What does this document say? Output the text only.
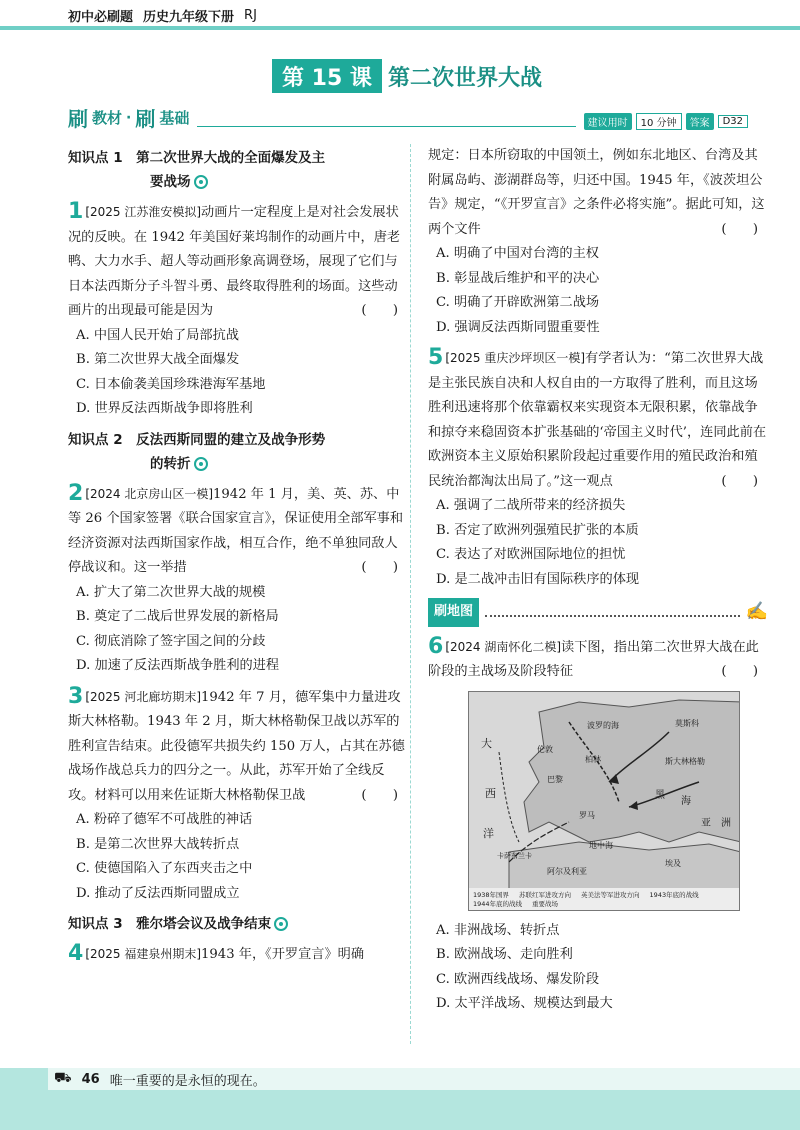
初中必刷题 历史九年级下册 RJ
第 15 课 第二次世界大战
刷 教材 · 刷 基础	建议用时	10 分钟	答案	D32
知识点 1　第二次世界大战的全面爆发及主
要战场
1 [2025 江苏淮安模拟]动画片一定程度上是对社会发展状况的反映。在 1942 年美国好莱坞制作的动画片中，唐老鸭、大力水手、超人等动画形象高调登场，展现了它们与日本法西斯分子斗智斗勇、最终取得胜利的场面。这些动画片的出现最可能是因为	(　　)
A. 中国人民开始了局部抗战
B. 第二次世界大战全面爆发
C. 日本偷袭美国珍珠港海军基地
D. 世界反法西斯战争即将胜利
知识点 2　反法西斯同盟的建立及战争形势
的转折
2 [2024 北京房山区一模]1942 年 1 月，美、英、苏、中等 26 个国家签署《联合国家宣言》，保证使用全部军事和经济资源对法西斯国家作战，相互合作，绝不单独同敌人停战议和。这一举措	(　　)
A. 扩大了第二次世界大战的规模
B. 奠定了二战后世界发展的新格局
C. 彻底消除了签字国之间的分歧
D. 加速了反法西斯战争胜利的进程
3 [2025 河北廊坊期末]1942 年 7 月，德军集中力量进攻斯大林格勒。1943 年 2 月，斯大林格勒保卫战以苏军的胜利宣告结束。此役德军共损失约 150 万人，占其在苏德战场作战总兵力的四分之一。从此，苏军开始了全线反攻。材料可以用来佐证斯大林格勒保卫战	(　　)
A. 粉碎了德军不可战胜的神话
B. 是第二次世界大战转折点
C. 使德国陷入了东西夹击之中
D. 推动了反法西斯同盟成立
知识点 3　雅尔塔会议及战争结束
4 [2025 福建泉州期末]1943 年，《开罗宣言》明确
规定：日本所窃取的中国领土，例如东北地区、台湾及其附属岛屿、澎湖群岛等，归还中国。1945 年，《波茨坦公告》规定，“《开罗宣言》之条件必将实施”。据此可知，这两个文件	(　　)
A. 明确了中国对台湾的主权
B. 彰显战后维护和平的决心
C. 明确了开辟欧洲第二战场
D. 强调反法西斯同盟重要性
5 [2025 重庆沙坪坝区一模]有学者认为：“第二次世界大战是主张民族自决和人权自由的一方取得了胜利，而且这场胜利迅速将那个依靠霸权来实现资本无限积累，依靠战争和掠夺来稳固资本扩张基础的‘帝国主义时代’，连同此前在欧洲资本主义原始积累阶段起过重要作用的殖民政治和殖民统治都淘汰出局了。”这一观点	(　　)
A. 强调了二战所带来的经济损失
B. 否定了欧洲列强殖民扩张的本质
C. 表达了对欧洲国际地位的担忧
D. 是二战冲击旧有国际秩序的体现
刷地图	✍
6 [2024 湖南怀化二模]读下图，指出第二次世界大战在此阶段的主战场及阶段特征	(　　)
大
西
洋
波罗的海	莫斯科
斯大林格勒
黑
海
亚 洲
阿尔及利亚
地中海
卡萨布兰卡
埃及
伦敦
柏林
罗马
巴黎
1938年国界 苏联红军进攻方向 英美法等军进攻方向 1943年底的战线
1944年底的战线 重要战场
A. 非洲战场、转折点
B. 欧洲战场、走向胜利
C. 欧洲西线战场、爆发阶段
D. 太平洋战场、规模达到最大
⛟ 46 唯一重要的是永恒的现在。
